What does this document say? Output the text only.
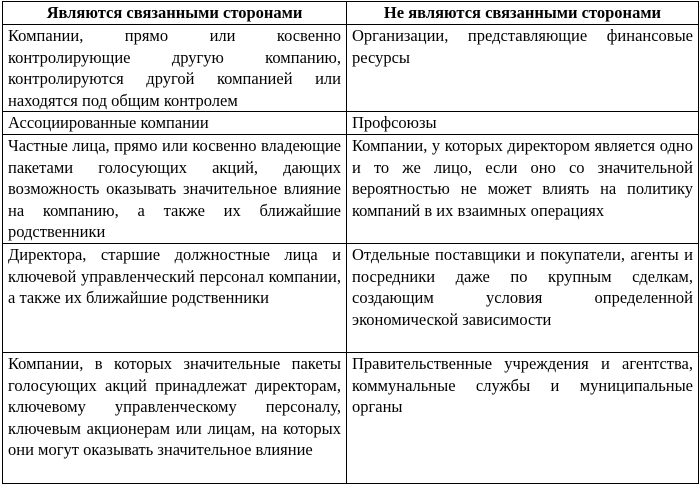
Являются связанными сторонами	Не являются связанными сторонами
Компании, прямо или косвенно контролирующие другую компанию, контролируются другой компанией или находятся под общим контролем	Организации, представляющие финансовые ресурсы
Ассоциированные компании	Профсоюзы
Частные лица, прямо или косвенно владеющие пакетами голосующих акций, дающих возможность оказывать значительное влияние на компанию, а также их ближайшие родственники	Компании, у которых директором является одно и то же лицо, если оно со значительной вероятностью не может влиять на политику компаний в их взаимных операциях
Директора, старшие должностные лица и ключевой управленческий персонал компании, а также их ближайшие родственники	Отдельные поставщики и покупатели, агенты и посредники даже по крупным сделкам, создающим условия определенной экономической зависимости
Компании, в которых значительные пакеты голосующих акций принадлежат директорам, ключевому управленческому персоналу, ключевым акционерам или лицам, на которых они могут оказывать значительное влияние	Правительственные учреждения и агентства, коммунальные службы и муниципальные органы
